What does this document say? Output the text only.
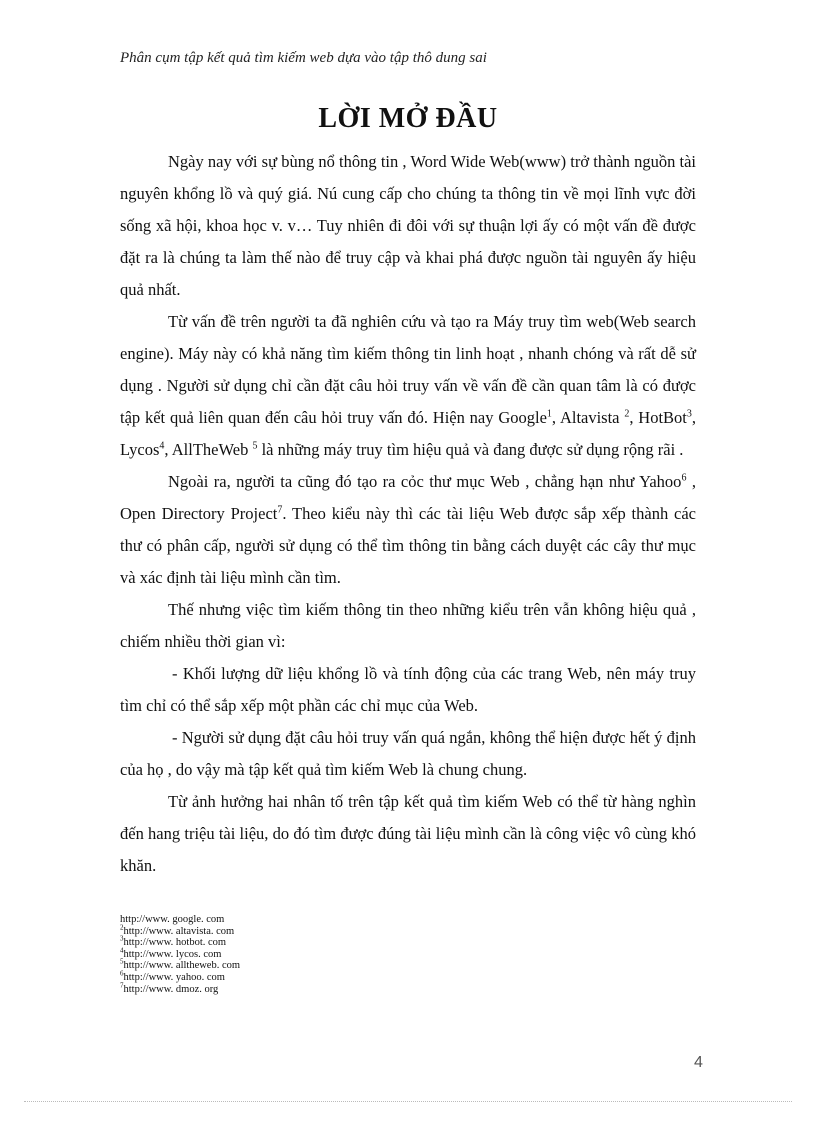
Phân cụm tập kết quả tìm kiếm web dựa vào tập thô dung sai
LỜI MỞ ĐẦU

Ngày nay với sự bùng nổ thông tin , Word Wide Web(www) trở thành nguồn tài nguyên khổng lồ và quý giá. Nú cung cấp cho chúng ta thông tin về mọi lĩnh vực đời sống xã hội, khoa học v. v… Tuy nhiên đi đôi với sự thuận lợi ấy có một vấn đề được đặt ra là chúng ta làm thế nào để truy cập và khai phá được nguồn tài nguyên ấy hiệu quả nhất.

Từ vấn đề trên người ta đã nghiên cứu và tạo ra Máy truy tìm web(Web search engine). Máy này có khả năng tìm kiếm thông tin linh hoạt , nhanh chóng và rất dễ sử dụng . Người sử dụng chỉ cần đặt câu hỏi truy vấn về vấn đề cần quan tâm là có được tập kết quả liên quan đến câu hỏi truy vấn đó. Hiện nay Google$^1$, Altavista $^2$, HotBot$^3$, Lycos$^4$, AllTheWeb $^5$ là những máy truy tìm hiệu quả và đang được sử dụng rộng rãi .

Ngoài ra, người ta cũng đó tạo ra cỏc thư mục Web , chẳng hạn như Yahoo$^6$ , Open Directory Project$^7$. Theo kiểu này thì các tài liệu Web được sắp xếp thành các thư có phân cấp, người sử dụng có thể tìm thông tin bằng cách duyệt các cây thư mục và xác định tài liệu mình cần tìm.

Thế nhưng việc tìm kiếm thông tin theo những kiểu trên vẫn không hiệu quả , chiếm nhiều thời gian vì:

- Khối lượng dữ liệu khổng lồ và tính động của các trang Web, nên máy truy tìm chỉ có thể sắp xếp một phần các chỉ mục của Web.

- Người sử dụng đặt câu hỏi truy vấn quá ngắn, không thể hiện được hết ý định của họ , do vậy mà tập kết quả tìm kiếm Web là chung chung.

Từ ảnh hưởng hai nhân tố trên tập kết quả tìm kiếm Web có thể từ hàng nghìn đến hang triệu tài liệu, do đó tìm được đúng tài liệu mình cần là công việc vô cùng khó khăn.

http://www. google. com
$^2$http://www. altavista. com
$^3$http://www. hotbot. com
$^4$http://www. lycos. com
$^5$http://www. alltheweb. com
$^6$http://www. yahoo. com
$^7$http://www. dmoz. org
4
